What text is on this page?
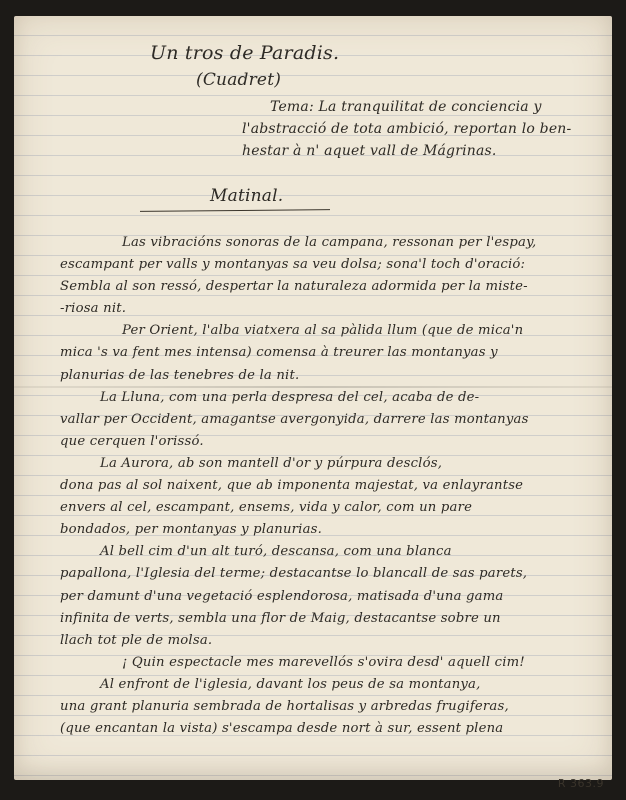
Un tros de Paradis.
(Cuadret)
Tema: La tranquilitat de conciencia y
l'abstracció de tota ambició, reportan lo ben-
hestar à n' aquet vall de Mágrinas.
Matinal.
Las vibracións sonoras de la campana, ressonan per l'espay,
escampant per valls y montanyas sa veu dolsa; sona'l toch d'oració:
Sembla al son ressó, despertar la naturaleza adormida per la miste-
-riosa nit.
Per Orient, l'alba viatxera al sa pàlida llum (que de mica'n
mica 's va fent mes intensa) comensa à treurer las montanyas y
planurias de las tenebres de la nit.
La Lluna, com una perla despresa del cel, acaba de de-
vallar per Occident, amagantse avergonyida, darrere las montanyas
que cerquen l'orissó.
La Aurora, ab son mantell d'or y púrpura desclós,
dona pas al sol naixent, que ab imponenta majestat, va enlayrantse
envers al cel, escampant, ensems, vida y calor, com un pare
bondados, per montanyas y planurias.
Al bell cim d'un alt turó, descansa, com una blanca
papallona, l'Iglesia del terme; destacantse lo blancall de sas parets,
per damunt d'una vegetació esplendorosa, matisada d'una gama
infinita de verts, sembla una flor de Maig, destacantse sobre un
llach tot ple de molsa.
¡ Quin espectacle mes marevellós s'ovira desd' aquell cim!
Al enfront de l'iglesia, davant los peus de sa montanya,
una grant planuria sembrada de hortalisas y arbredas frugiferas,
(que encantan la vista) s'escampa desde nort à sur, essent plena
R 363.9
